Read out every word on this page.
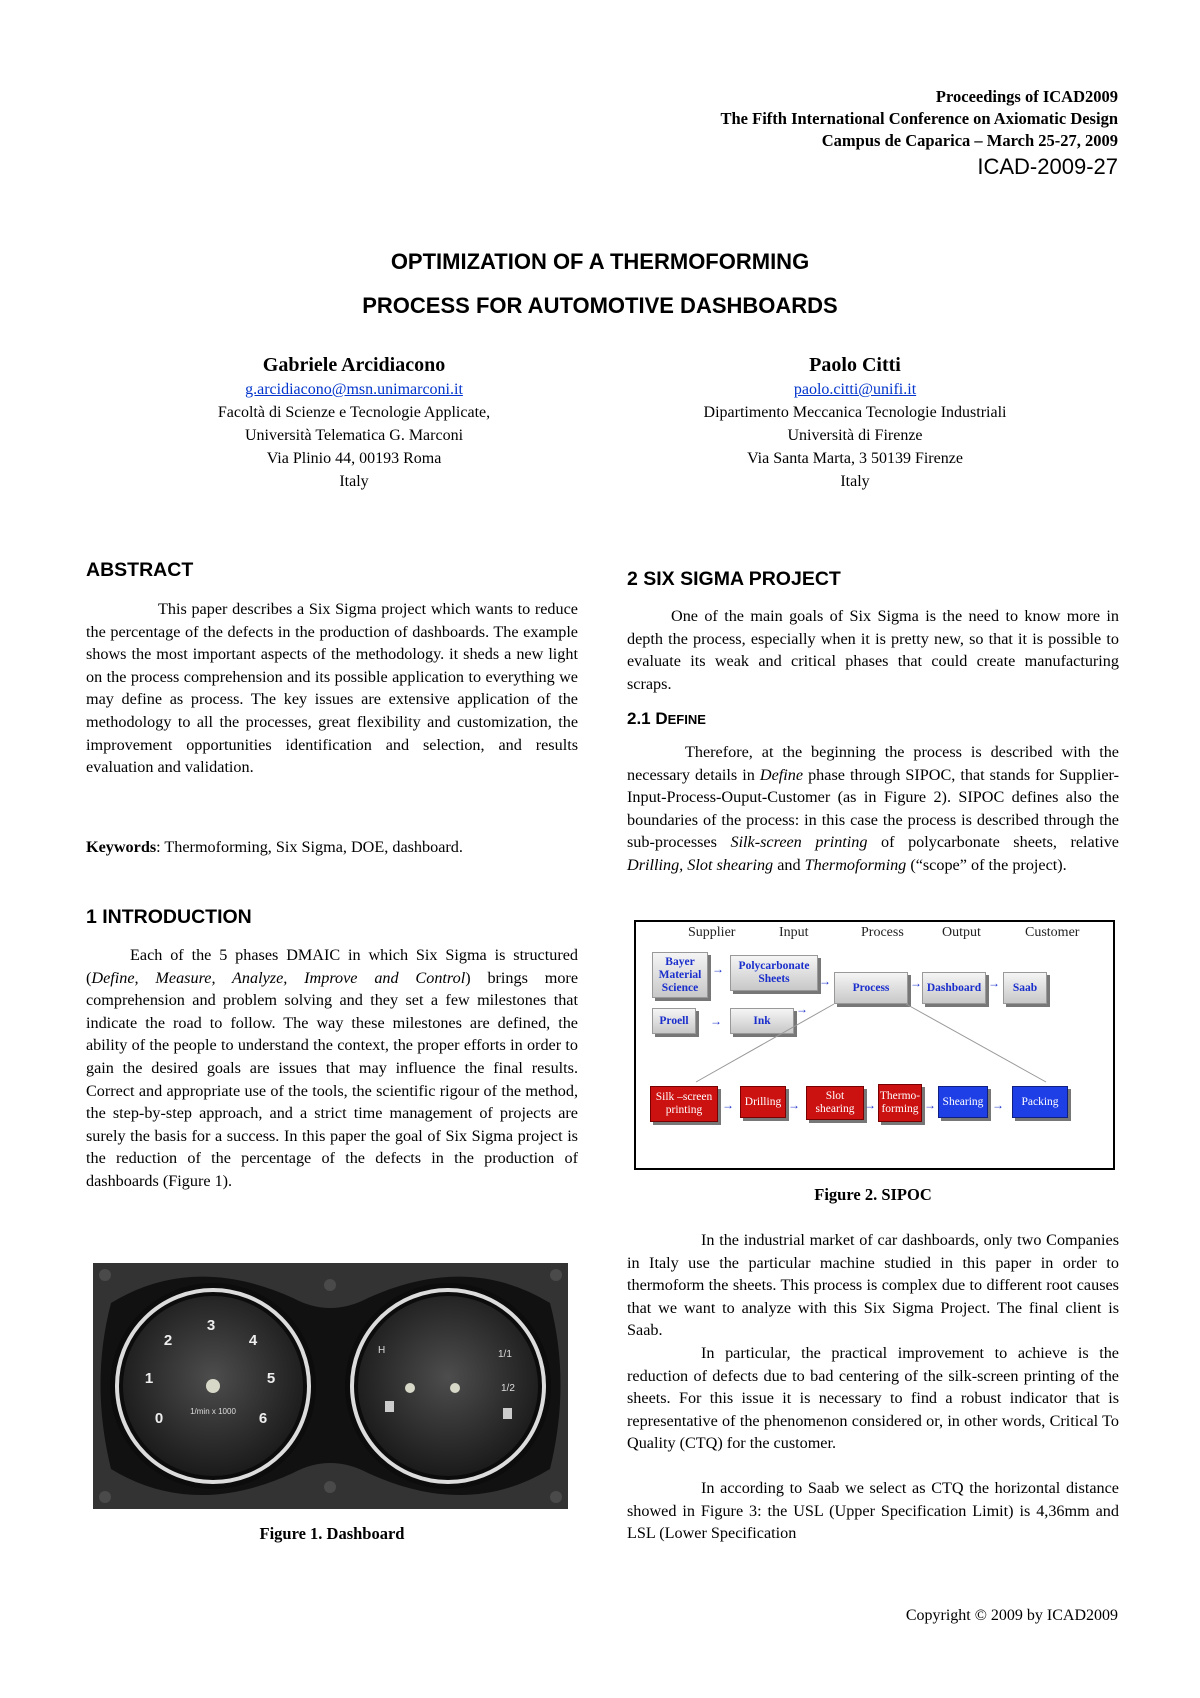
Proceedings of ICAD2009
The Fifth International Conference on Axiomatic Design
Campus de Caparica – March 25-27, 2009
ICAD-2009-27
OPTIMIZATION OF A THERMOFORMING
PROCESS FOR AUTOMOTIVE DASHBOARDS
Gabriele Arcidiacono
g.arcidiacono@msn.unimarconi.it
Facoltà di Scienze e Tecnologie Applicate,
Università Telematica G. Marconi
Via Plinio 44, 00193 Roma
Italy
Paolo Citti
paolo.citti@unifi.it
Dipartimento Meccanica Tecnologie Industriali
Università di Firenze
Via Santa Marta, 3 50139 Firenze
Italy
ABSTRACT
This paper describes a Six Sigma project which wants to reduce the percentage of the defects in the production of dashboards. The example shows the most important aspects of the methodology. it sheds a new light on the process comprehension and its possible application to everything we may define as process. The key issues are extensive application of the methodology to all the processes, great flexibility and customization, the improvement opportunities identification and selection, and results evaluation and validation.
Keywords: Thermoforming, Six Sigma, DOE, dashboard.
1 INTRODUCTION
Each of the 5 phases DMAIC in which Six Sigma is structured (Define, Measure, Analyze, Improve and Control) brings more comprehension and problem solving and they set a few milestones that indicate the road to follow. The way these milestones are defined, the ability of the people to understand the context, the proper efforts in order to gain the desired goals are issues that may influence the final results. Correct and appropriate use of the tools, the scientific rigour of the method, the step-by-step approach, and a strict time management of projects are surely the basis for a success. In this paper the goal of Six Sigma project is the reduction of the percentage of the defects in the production of dashboards (Figure 1).
0
1
2
3
4
5
6
1/min x 1000
H	1/1
1/2
Figure 1. Dashboard
2 SIX SIGMA PROJECT
One of the main goals of Six Sigma is the need to know more in depth the process, especially when it is pretty new, so that it is possible to evaluate its weak and critical phases that could create manufacturing scraps.
2.1 DEFINE
Therefore, at the beginning the process is described with the necessary details in Define phase through SIPOC, that stands for Supplier-Input-Process-Ouput-Customer (as in Figure 2). SIPOC defines also the boundaries of the process: in this case the process is described through the sub-processes Silk-screen printing of polycarbonate sheets, relative Drilling, Slot shearing and Thermoforming (“scope” of the project).
Supplier	Input	Process	Output	Customer
Bayer Material Science
→	Polycarbonate Sheets	→	Process	→ Dashboard →	Saab
Proell	→	Ink
→
Silk –screen printing	→ Drilling →
Slot shearing →
Thermo-forming → Shearing →	Packing
Figure 2. SIPOC
In the industrial market of car dashboards, only two Companies in Italy use the particular machine studied in this paper in order to thermoform the sheets. This process is complex due to different root causes that we want to analyze with this Six Sigma Project. The final client is Saab.
In particular, the practical improvement to achieve is the reduction of defects due to bad centering of the silk-screen printing of the sheets. For this issue it is necessary to find a robust indicator that is representative of the phenomenon considered or, in other words, Critical To Quality (CTQ) for the customer.
In according to Saab we select as CTQ the horizontal distance showed in Figure 3: the USL (Upper Specification Limit) is 4,36mm and LSL (Lower Specification
Copyright © 2009 by ICAD2009
